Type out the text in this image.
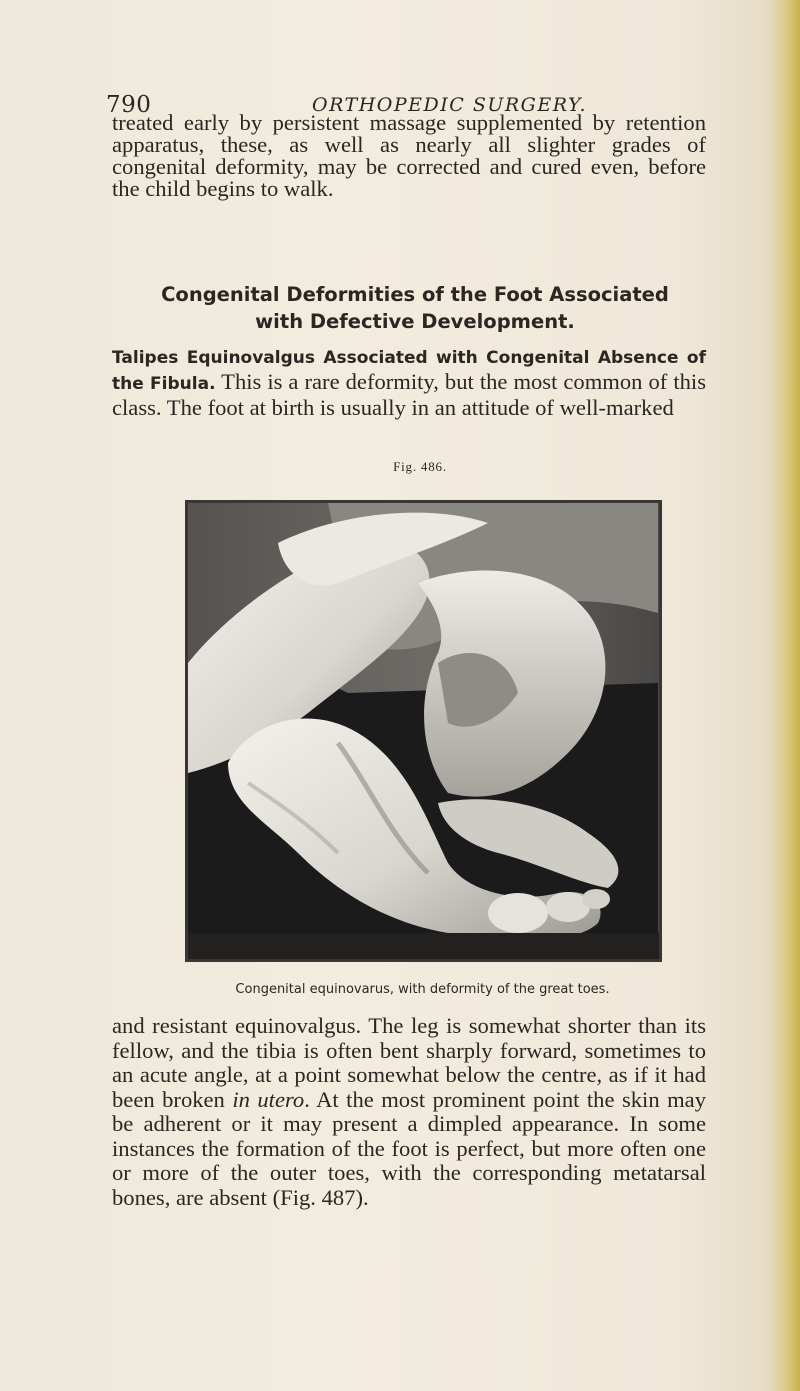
790	ORTHOPEDIC SURGERY.

treated early by persistent massage supplemented by retention apparatus, these, as well as nearly all slighter grades of congenital deformity, may be corrected and cured even, before the child begins to walk.

Congenital Deformities of the Foot Associated with Defective Development.

Talipes Equinovalgus Associated with Congenital Absence of the Fibula. This is a rare deformity, but the most common of this class. The foot at birth is usually in an attitude of well-marked

Fig. 486.
Congenital equinovarus, with deformity of the great toes.

and resistant equinovalgus. The leg is somewhat shorter than its fellow, and the tibia is often bent sharply forward, sometimes to an acute angle, at a point somewhat below the centre, as if it had been broken in utero. At the most prominent point the skin may be adherent or it may present a dimpled appearance. In some instances the formation of the foot is perfect, but more often one or more of the outer toes, with the corresponding metatarsal bones, are absent (Fig. 487).
